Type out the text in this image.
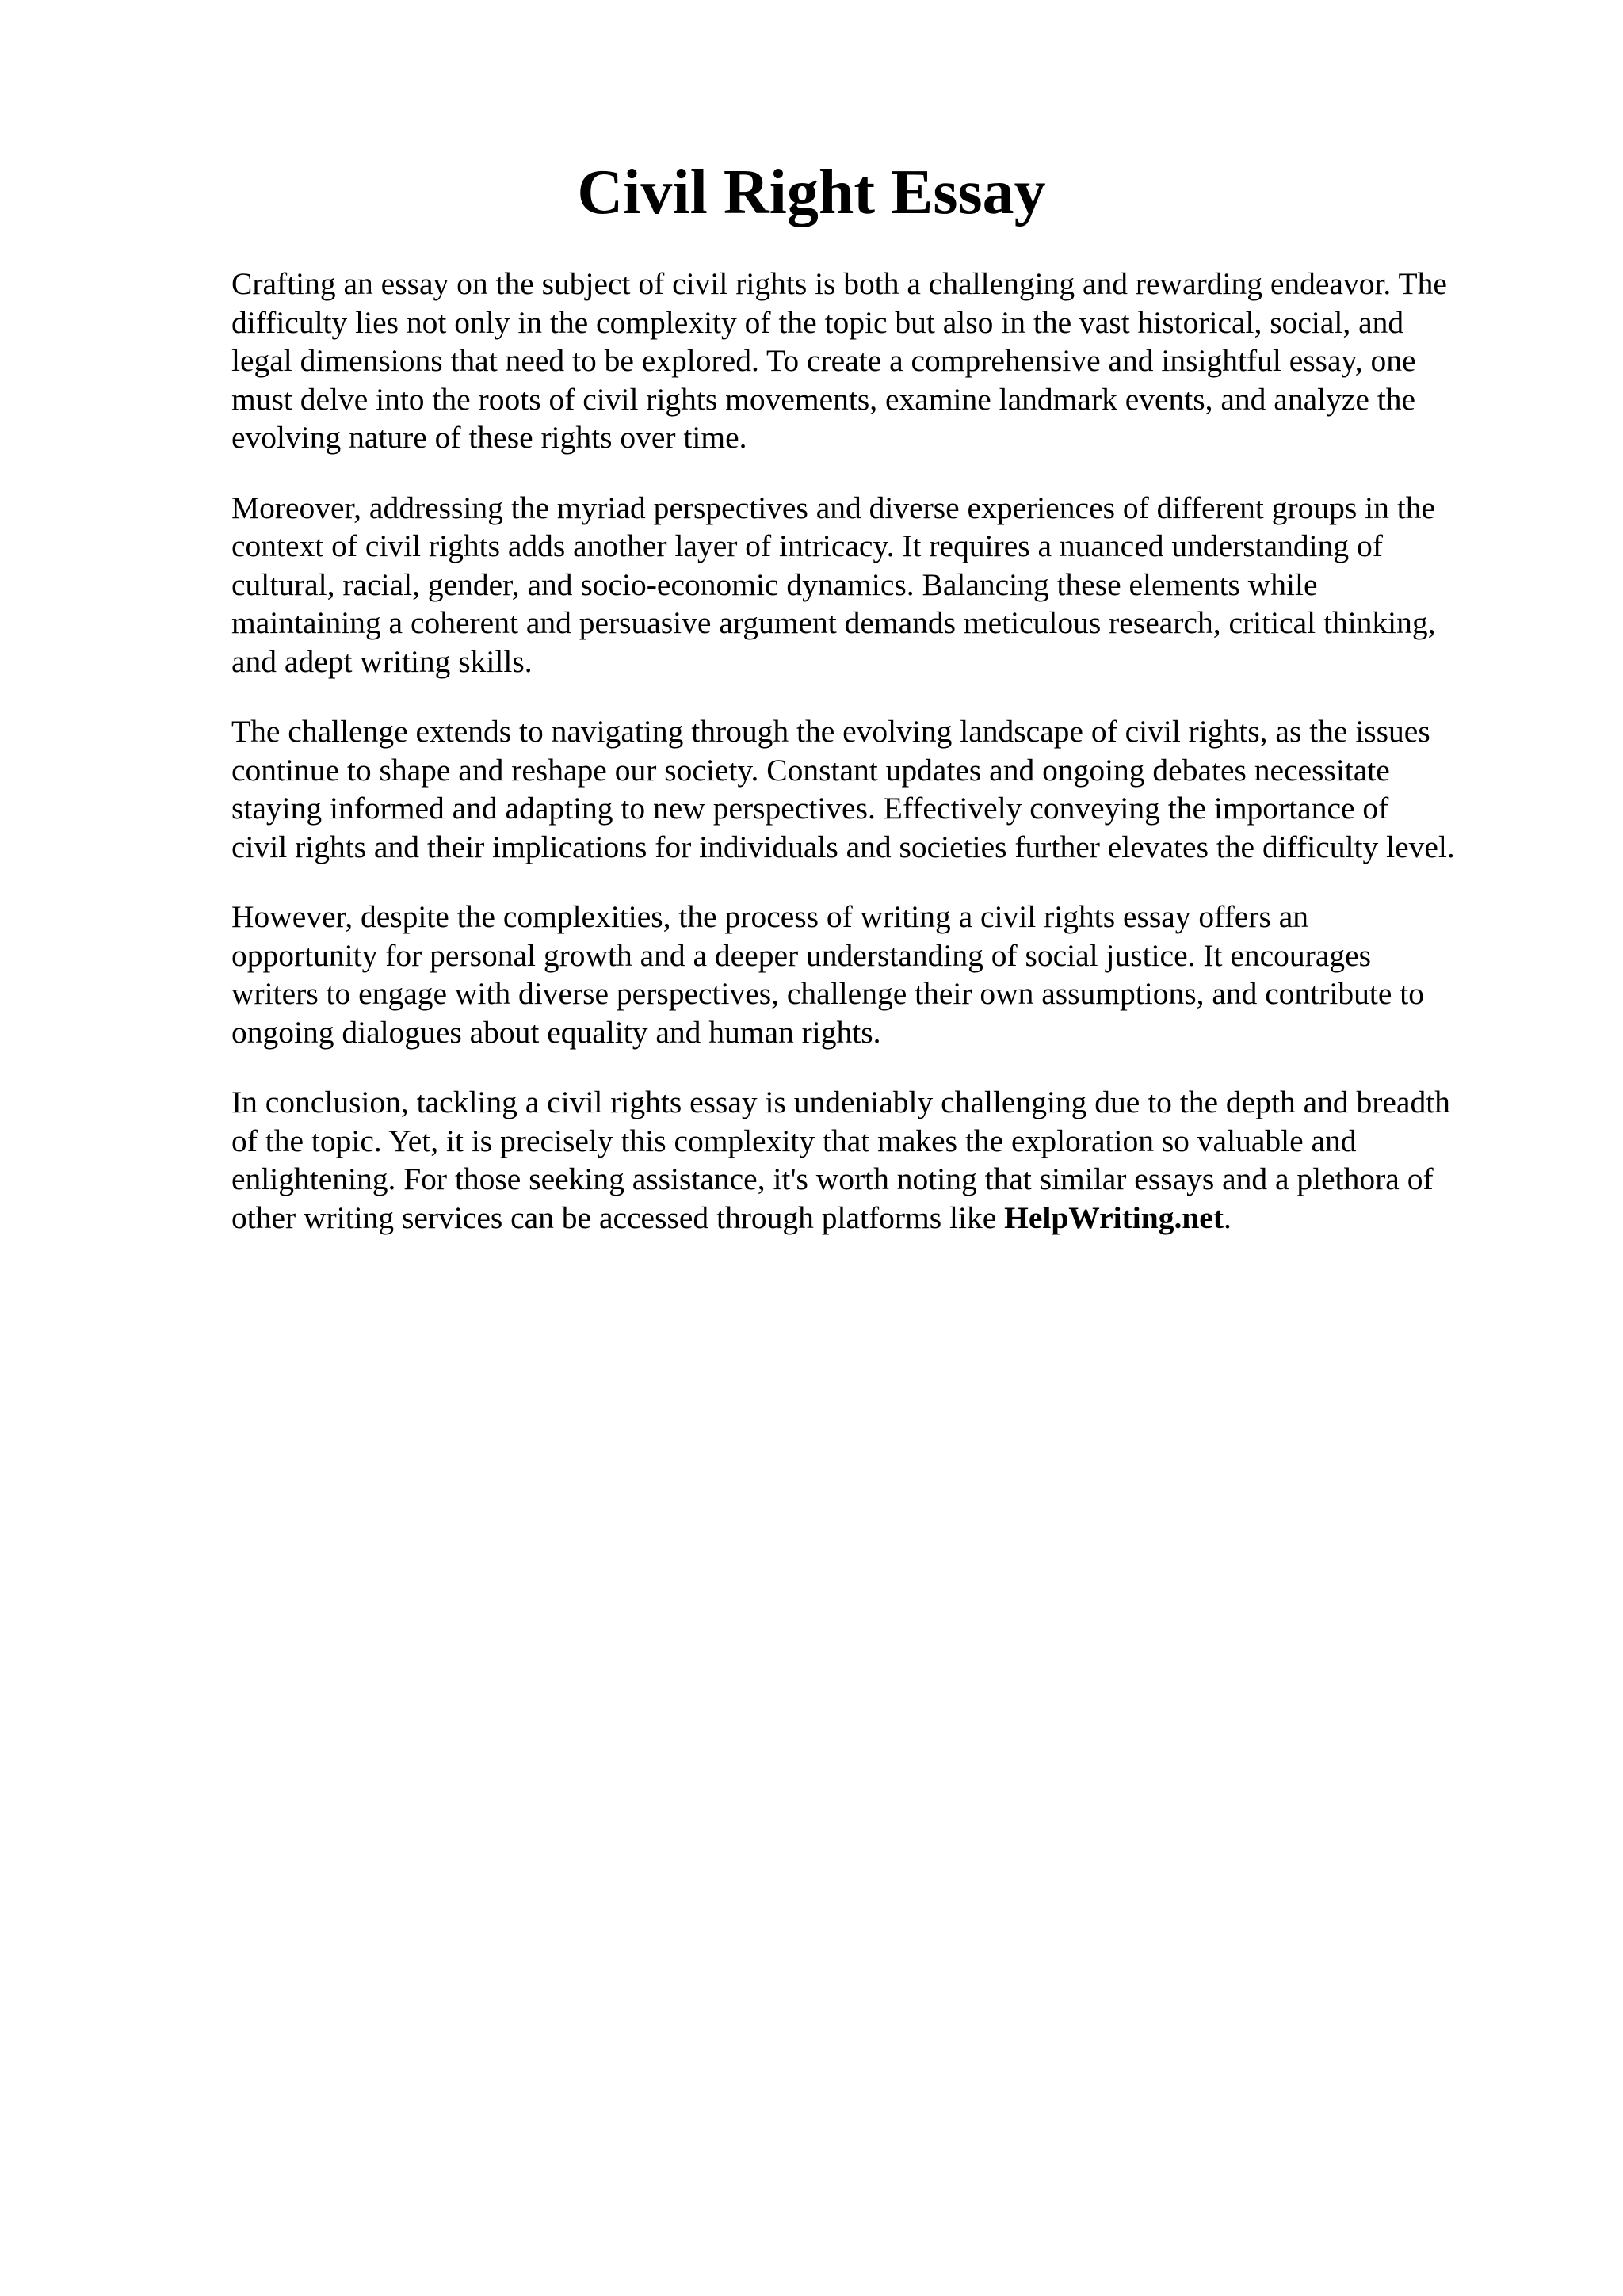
Civil Right Essay

Crafting an essay on the subject of civil rights is both a challenging and rewarding endeavor. The
difficulty lies not only in the complexity of the topic but also in the vast historical, social, and
legal dimensions that need to be explored. To create a comprehensive and insightful essay, one
must delve into the roots of civil rights movements, examine landmark events, and analyze the
evolving nature of these rights over time.

Moreover, addressing the myriad perspectives and diverse experiences of different groups in the
context of civil rights adds another layer of intricacy. It requires a nuanced understanding of
cultural, racial, gender, and socio-economic dynamics. Balancing these elements while
maintaining a coherent and persuasive argument demands meticulous research, critical thinking,
and adept writing skills.

The challenge extends to navigating through the evolving landscape of civil rights, as the issues
continue to shape and reshape our society. Constant updates and ongoing debates necessitate
staying informed and adapting to new perspectives. Effectively conveying the importance of
civil rights and their implications for individuals and societies further elevates the difficulty level.

However, despite the complexities, the process of writing a civil rights essay offers an
opportunity for personal growth and a deeper understanding of social justice. It encourages
writers to engage with diverse perspectives, challenge their own assumptions, and contribute to
ongoing dialogues about equality and human rights.

In conclusion, tackling a civil rights essay is undeniably challenging due to the depth and breadth
of the topic. Yet, it is precisely this complexity that makes the exploration so valuable and
enlightening. For those seeking assistance, it's worth noting that similar essays and a plethora of
other writing services can be accessed through platforms like HelpWriting.net.
